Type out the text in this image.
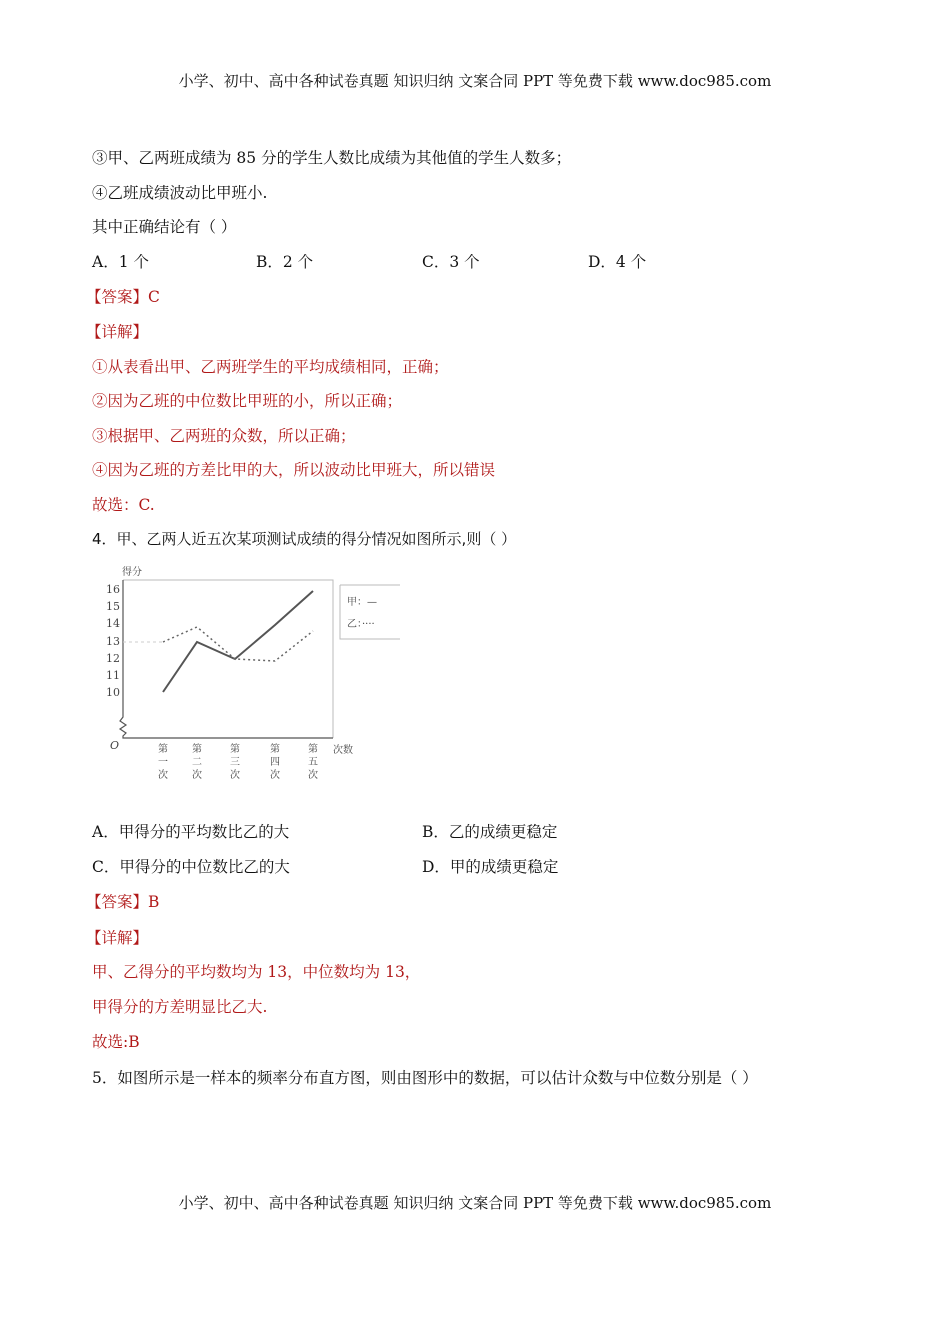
小学、初中、高中各种试卷真题 知识归纳 文案合同 PPT 等免费下载 www.doc985.com
③甲、乙两班成绩为 85 分的学生人数比成绩为其他值的学生人数多；
④乙班成绩波动比甲班小.
其中正确结论有（ ）
A．1 个	B．2 个	C．3 个	D．4 个
【答案】C
【详解】
①从表看出甲、乙两班学生的平均成绩相同，正确；
②因为乙班的中位数比甲班的小，所以正确；
③根据甲、乙两班的众数，所以正确；
④因为乙班的方差比甲的大，所以波动比甲班大，所以错误
故选：C.
4．甲、乙两人近五次某项测试成绩的得分情况如图所示,则（ ）
得分
16
15
14
13
12
11
10
O	第
一
次
第
二
次
第
三
次
第
四
次
第
五
次
次数
甲：—
乙：····
A．甲得分的平均数比乙的大	B．乙的成绩更稳定
C．甲得分的中位数比乙的大	D．甲的成绩更稳定
【答案】B
【详解】
甲、乙得分的平均数均为 13，中位数均为 13，
甲得分的方差明显比乙大.
故选:B
5．如图所示是一样本的频率分布直方图，则由图形中的数据，可以估计众数与中位数分别是（ ）
小学、初中、高中各种试卷真题 知识归纳 文案合同 PPT 等免费下载 www.doc985.com
